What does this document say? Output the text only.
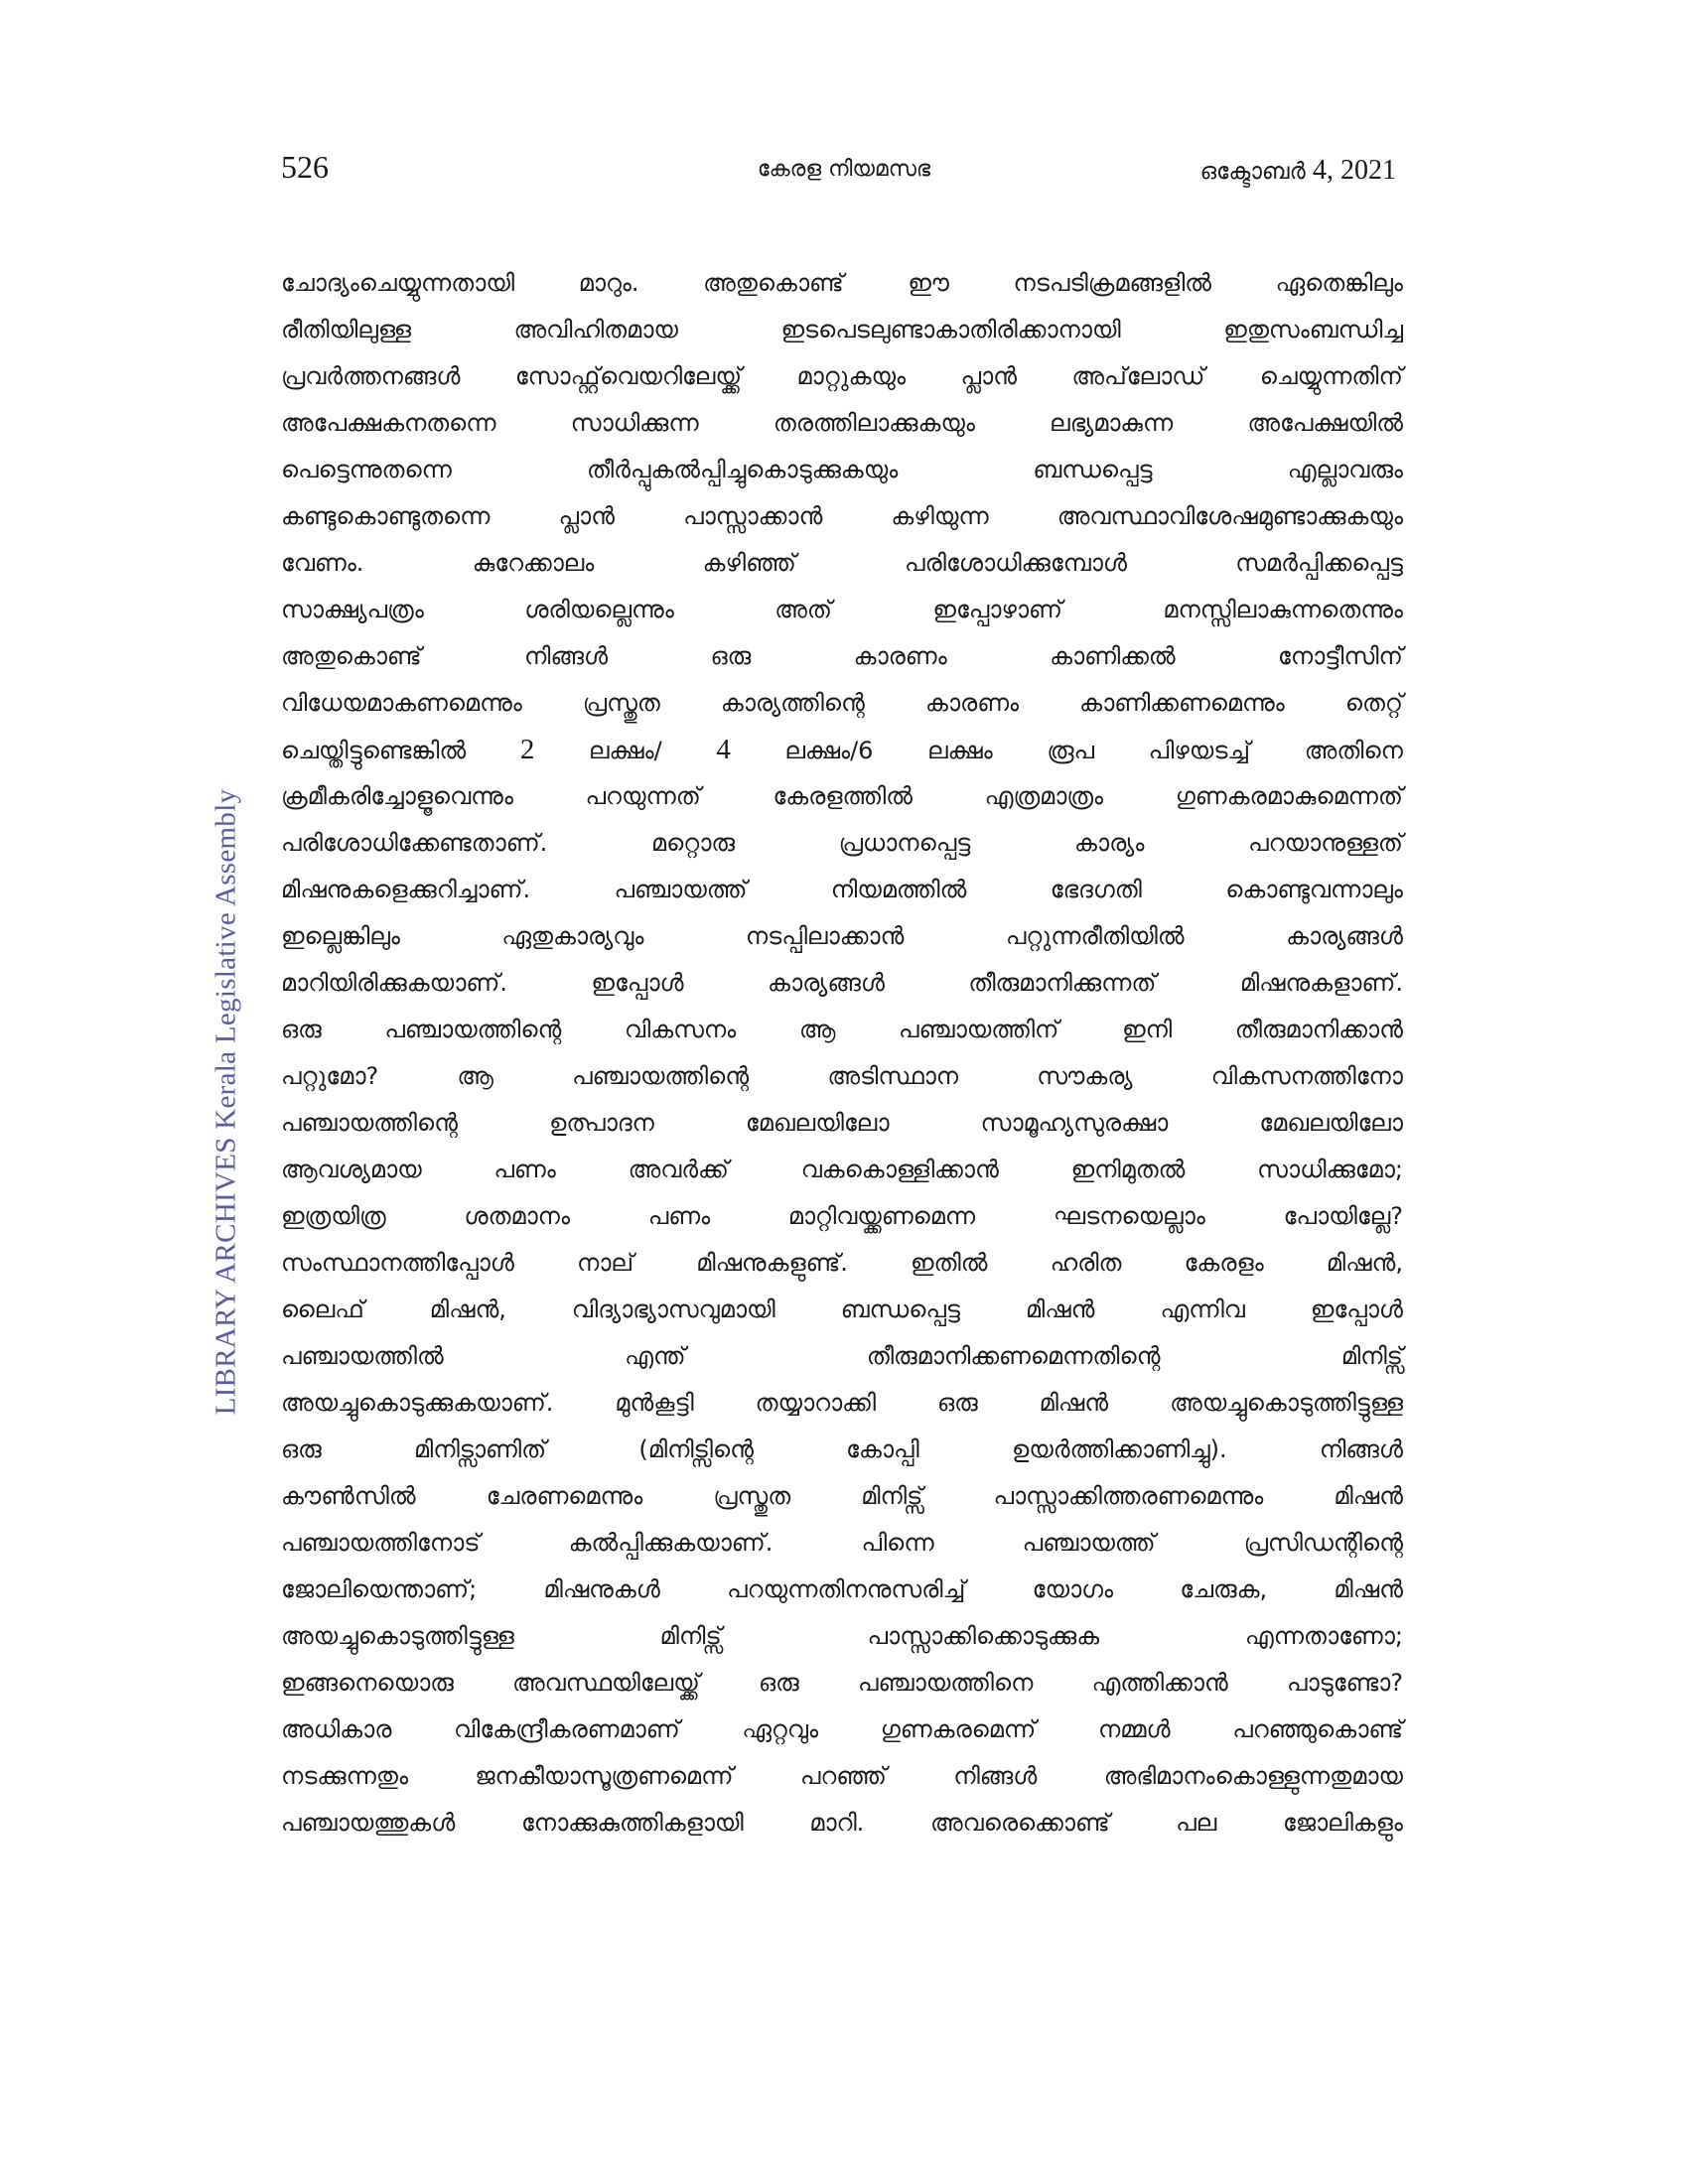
526	കേരള നിയമസഭ	ഒക്ടോബർ 4, 2021
LIBRARY ARCHIVES Kerala Legislative Assembly
ചോദ്യംചെയ്യുന്നതായി	മാറും.	അതുകൊണ്ട്	ഈ	നടപടിക്രമങ്ങളിൽ	ഏതെങ്കിലും
രീതിയിലുള്ള	അവിഹിതമായ	ഇടപെടലുണ്ടാകാതിരിക്കാനായി	ഇതുസംബന്ധിച്ച
പ്രവർത്തനങ്ങൾ സോഫ്റ്റ്‌വെയറിലേയ്ക്ക് മാറ്റുകയും പ്ലാൻ അപ്‌ലോഡ് ചെയ്യുന്നതിന്
അപേക്ഷകനതന്നെ	സാധിക്കുന്ന	തരത്തിലാക്കുകയും	ലഭ്യമാകുന്ന	അപേക്ഷയിൽ
പെട്ടെന്നുതന്നെ	തീർപ്പുകൽപ്പിച്ചുകൊടുക്കുകയും	ബന്ധപ്പെട്ട	എല്ലാവരും
കണ്ടുകൊണ്ടുതന്നെ	പ്ലാൻ	പാസ്സാക്കാൻ	കഴിയുന്ന	അവസ്ഥാവിശേഷമുണ്ടാക്കുകയും
വേണം.	കുറേക്കാലം	കഴിഞ്ഞ്	പരിശോധിക്കുമ്പോൾ	സമർപ്പിക്കപ്പെട്ട
സാക്ഷ്യപത്രം	ശരിയല്ലെന്നും	അത്	ഇപ്പോഴാണ്	മനസ്സിലാകുന്നതെന്നും
അതുകൊണ്ട്	നിങ്ങൾ	ഒരു	കാരണം	കാണിക്കൽ	നോട്ടീസിന്
വിധേയമാകണമെന്നും	പ്രസ്തുത	കാര്യത്തിന്റെ	കാരണം	കാണിക്കണമെന്നും	തെറ്റ്
ചെയ്തിട്ടുണ്ടെങ്കിൽ 2 ലക്ഷം/ 4 ലക്ഷം/6 ലക്ഷം രൂപ പിഴയടച്ച് അതിനെ
ക്രമീകരിച്ചോളൂവെന്നും	പറയുന്നത്	കേരളത്തിൽ	എത്രമാത്രം	ഗുണകരമാകുമെന്നത്
പരിശോധിക്കേണ്ടതാണ്.	മറ്റൊരു	പ്രധാനപ്പെട്ട	കാര്യം	പറയാനുള്ളത്
മിഷനുകളെക്കുറിച്ചാണ്.	പഞ്ചായത്ത്	നിയമത്തിൽ	ഭേദഗതി	കൊണ്ടുവന്നാലും
ഇല്ലെങ്കിലും	ഏതുകാര്യവും	നടപ്പിലാക്കാൻ	പറ്റുന്നരീതിയിൽ	കാര്യങ്ങൾ
മാറിയിരിക്കുകയാണ്.	ഇപ്പോൾ	കാര്യങ്ങൾ	തീരുമാനിക്കുന്നത്	മിഷനുകളാണ്.
ഒരു	പഞ്ചായത്തിന്റെ	വികസനം	ആ	പഞ്ചായത്തിന്	ഇനി	തീരുമാനിക്കാൻ
പറ്റുമോ?	ആ	പഞ്ചായത്തിന്റെ	അടിസ്ഥാന	സൗകര്യ	വികസനത്തിനോ
പഞ്ചായത്തിന്റെ	ഉത്പാദന	മേഖലയിലോ	സാമൂഹ്യസുരക്ഷാ	മേഖലയിലോ
ആവശ്യമായ	പണം	അവർക്ക്	വകകൊള്ളിക്കാൻ	ഇനിമുതൽ	സാധിക്കുമോ;
ഇത്രയിത്ര	ശതമാനം	പണം	മാറ്റിവയ്ക്കണമെന്ന	ഘടനയെല്ലാം	പോയില്ലേ?
സംസ്ഥാനത്തിപ്പോൾ	നാല്	മിഷനുകളുണ്ട്.	ഇതിൽ	ഹരിത	കേരളം	മിഷൻ,
ലൈഫ്	മിഷൻ,	വിദ്യാഭ്യാസവുമായി	ബന്ധപ്പെട്ട	മിഷൻ	എന്നിവ	ഇപ്പോൾ
പഞ്ചായത്തിൽ	എന്ത്	തീരുമാനിക്കണമെന്നതിന്റെ	മിനിട്സ്
അയച്ചുകൊടുക്കുകയാണ്.	മുൻകൂട്ടി	തയ്യാറാക്കി	ഒരു	മിഷൻ	അയച്ചുകൊടുത്തിട്ടുള്ള
ഒരു	മിനിട്സാണിത്	(മിനിട്സിന്റെ	കോപ്പി	ഉയർത്തിക്കാണിച്ചു).	നിങ്ങൾ
കൗൺസിൽ	ചേരണമെന്നും	പ്രസ്തുത	മിനിട്സ്	പാസ്സാക്കിത്തരണമെന്നും	മിഷൻ
പഞ്ചായത്തിനോട്	കൽപ്പിക്കുകയാണ്.	പിന്നെ	പഞ്ചായത്ത്	പ്രസിഡന്റിന്റെ
ജോലിയെന്താണ്;	മിഷനുകൾ	പറയുന്നതിനനുസരിച്ച്	യോഗം	ചേരുക,	മിഷൻ
അയച്ചുകൊടുത്തിട്ടുള്ള	മിനിട്സ്	പാസ്സാക്കിക്കൊടുക്കുക	എന്നതാണോ;
ഇങ്ങനെയൊരു അവസ്ഥയിലേയ്ക്ക് ഒരു പഞ്ചായത്തിനെ എത്തിക്കാൻ പാടുണ്ടോ?
അധികാര	വികേന്ദ്രീകരണമാണ്	ഏറ്റവും	ഗുണകരമെന്ന്	നമ്മൾ	പറഞ്ഞുകൊണ്ട്
നടക്കുന്നതും	ജനകീയാസൂത്രണമെന്ന്	പറഞ്ഞ്	നിങ്ങൾ	അഭിമാനംകൊള്ളുന്നതുമായ
പഞ്ചായത്തുകൾ	നോക്കുകുത്തികളായി	മാറി.	അവരെക്കൊണ്ട്	പല	ജോലികളും
